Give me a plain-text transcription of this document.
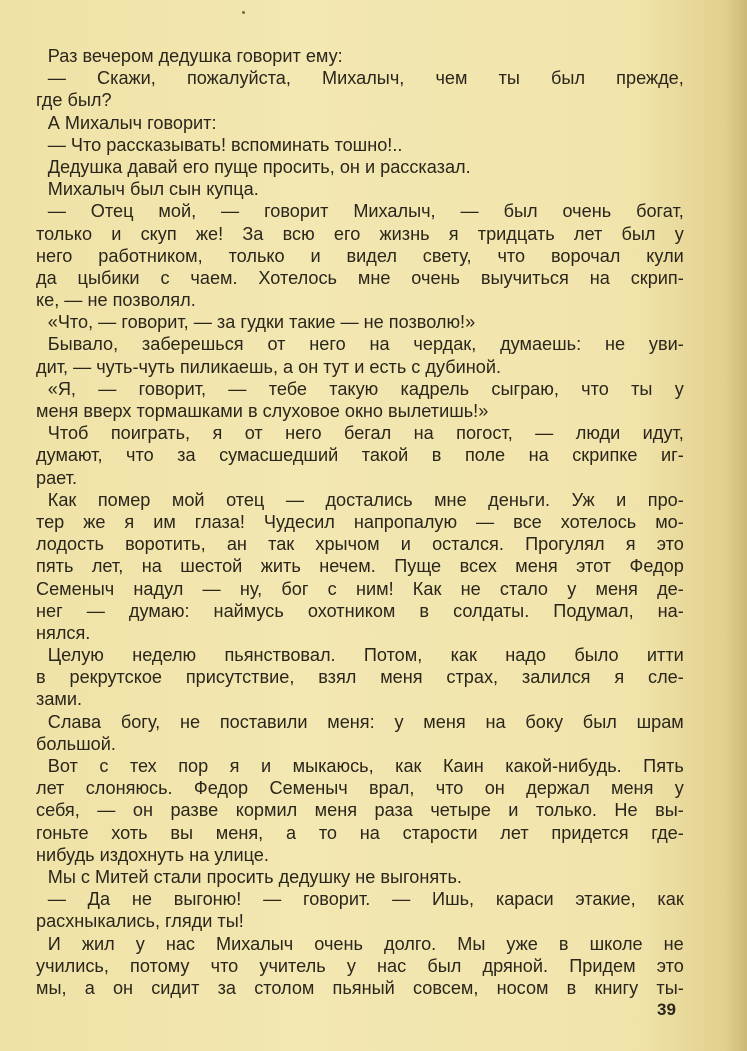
Раз вечером дедушка говорит ему:
— Скажи, пожалуйста, Михалыч, чем ты был прежде,
где был?
А Михалыч говорит:
— Что рассказывать! вспоминать тошно!..
Дедушка давай его пуще просить, он и рассказал.
Михалыч был сын купца.
— Отец мой, — говорит Михалыч, — был очень богат,
только и скуп же! За всю его жизнь я тридцать лет был у
него работником, только и видел свету, что ворочал кули
да цыбики с чаем. Хотелось мне очень выучиться на скрип-
ке, — не позволял.
«Что, — говорит, — за гудки такие — не позволю!»
Бывало, заберешься от него на чердак, думаешь: не уви-
дит, — чуть-чуть пиликаешь, а он тут и есть с дубиной.
«Я, — говорит, — тебе такую кадрель сыграю, что ты у
меня вверх тормашками в слуховое окно вылетишь!»
Чтоб поиграть, я от него бегал на погост, — люди идут,
думают, что за сумасшедший такой в поле на скрипке иг-
рает.
Как помер мой отец — достались мне деньги. Уж и про-
тер же я им глаза! Чудесил напропалую — все хотелось мо-
лодость воротить, ан так хрычом и остался. Прогулял я это
пять лет, на шестой жить нечем. Пуще всех меня этот Федор
Семеныч надул — ну, бог с ним! Как не стало у меня де-
нег — думаю: наймусь охотником в солдаты. Подумал, на-
нялся.
Целую неделю пьянствовал. Потом, как надо было итти
в рекрутское присутствие, взял меня страх, залился я сле-
зами.
Слава богу, не поставили меня: у меня на боку был шрам
большой.
Вот с тех пор я и мыкаюсь, как Каин какой-нибудь. Пять
лет слоняюсь. Федор Семеныч врал, что он держал меня у
себя, — он разве кормил меня раза четыре и только. Не вы-
гоньте хоть вы меня, а то на старости лет придется где-
нибудь издохнуть на улице.
Мы с Митей стали просить дедушку не выгонять.
— Да не выгоню! — говорит. — Ишь, караси этакие, как
расхныкались, гляди ты!
И жил у нас Михалыч очень долго. Мы уже в школе не
учились, потому что учитель у нас был дряной. Придем это
мы, а он сидит за столом пьяный совсем, носом в книгу ты-
39
